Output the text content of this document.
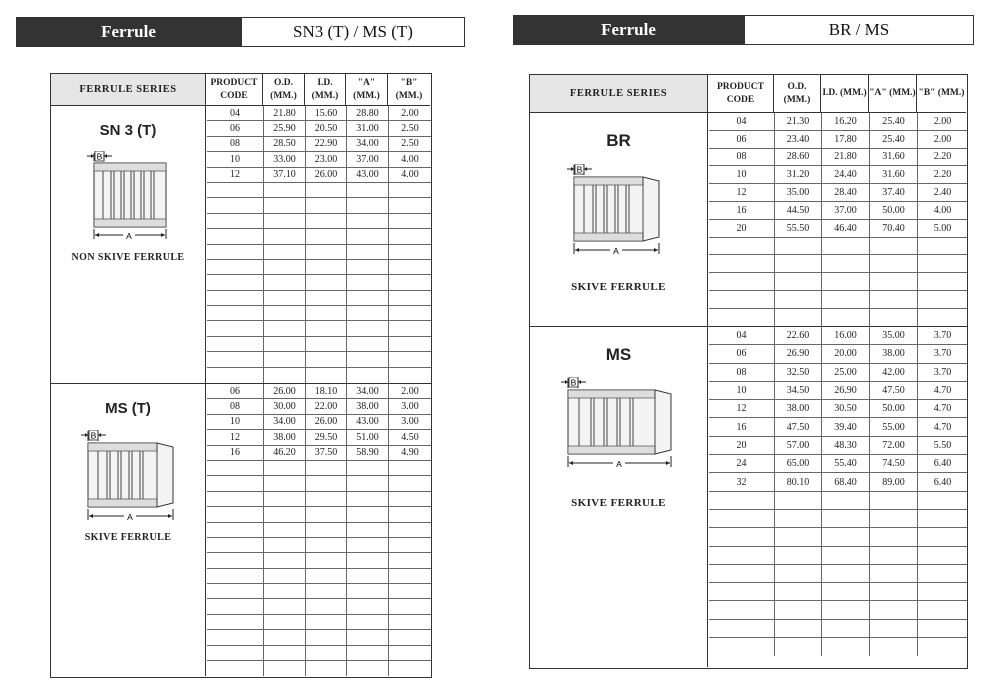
Ferrule	SN3 (T) / MS (T)
FERRULE SERIES
PRODUCT CODE
O.D. (MM.)
I.D. (MM.)
"A" (MM.)
"B" (MM.)
SN 3 (T)
B
A
NON SKIVE FERRULE
04	21.80	15.60	28.80	2.00
06	25.90	20.50	31.00	2.50
08	28.50	22.90	34.00	2.50
10	33.00	23.00	37.00	4.00
12	37.10	26.00	43.00	4.00
MS (T)
B
A
SKIVE FERRULE
06	26.00	18.10	34.00	2.00
08	30.00	22.00	38.00	3.00
10	34.00	26.00	43.00	3.00
12	38.00	29.50	51.00	4.50
16	46.20	37.50	58.90	4.90
Ferrule	BR / MS
FERRULE SERIES
PRODUCT CODE
O.D. (MM.)
I.D. (MM.) "A" (MM.) "B" (MM.)
BR
B
A
SKIVE FERRULE
04	21.30	16.20	25.40	2.00
06	23.40	17.80	25.40	2.00
08	28.60	21.80	31.60	2.20
10	31.20	24.40	31.60	2.20
12	35.00	28.40	37.40	2.40
16	44.50	37.00	50.00	4.00
20	55.50	46.40	70.40	5.00
MS
B
A
SKIVE FERRULE
04	22.60	16.00	35.00	3.70
06	26.90	20.00	38.00	3.70
08	32.50	25.00	42.00	3.70
10	34.50	26.90	47.50	4.70
12	38.00	30.50	50.00	4.70
16	47.50	39.40	55.00	4.70
20	57.00	48.30	72.00	5.50
24	65.00	55.40	74.50	6.40
32	80.10	68.40	89.00	6.40
